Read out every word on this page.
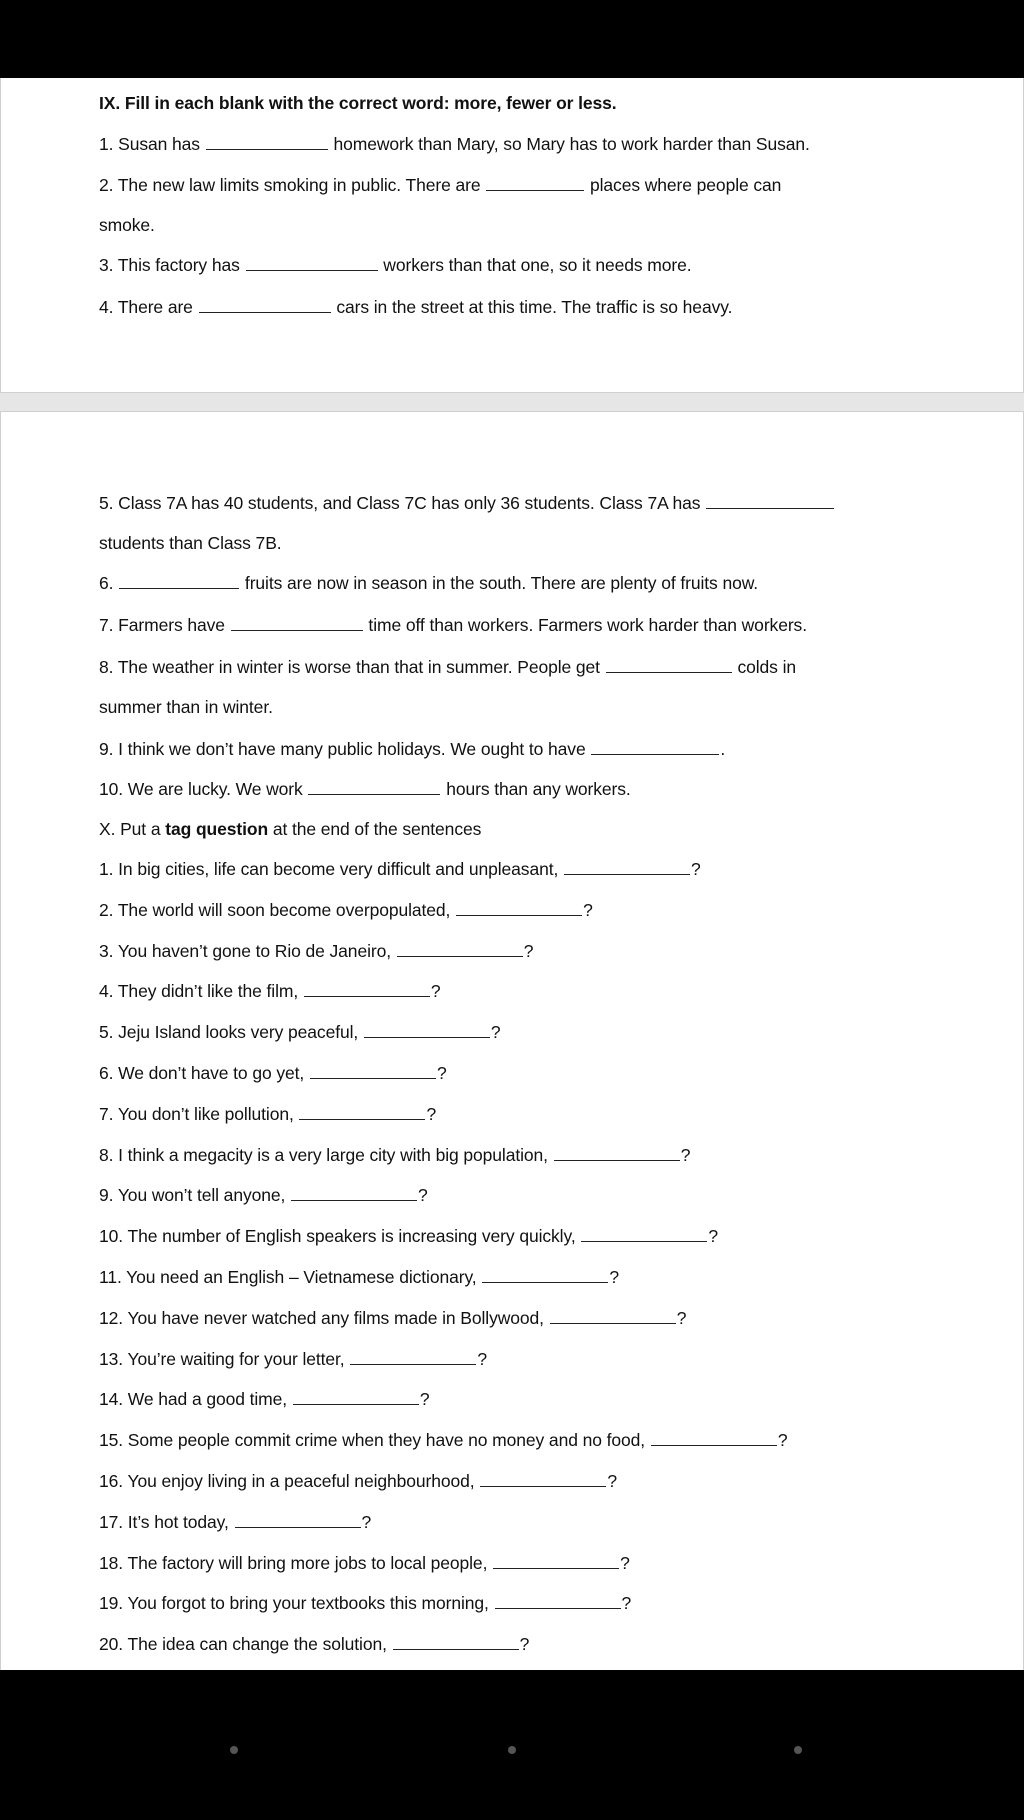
IX. Fill in each blank with the correct word: more, fewer or less.
1. Susan has	homework than Mary, so Mary has to work harder than Susan.
2. The new law limits smoking in public. There are	places where people can
smoke.
3. This factory has	workers than that one, so it needs more.
4. There are	cars in the street at this time. The traffic is so heavy.
5. Class 7A has 40 students, and Class 7C has only 36 students. Class 7A has
students than Class 7B.
6.	fruits are now in season in the south. There are plenty of fruits now.
7. Farmers have	time off than workers. Farmers work harder than workers.
8. The weather in winter is worse than that in summer. People get	colds in
summer than in winter.
9. I think we don’t have many public holidays. We ought to have	.
10. We are lucky. We work	hours than any workers.
X. Put a tag question at the end of the sentences
1. In big cities, life can become very difficult and unpleasant,	?
2. The world will soon become overpopulated,	?
3. You haven’t gone to Rio de Janeiro,	?
4. They didn’t like the film,	?
5. Jeju Island looks very peaceful,	?
6. We don’t have to go yet,	?
7. You don’t like pollution,	?
8. I think a megacity is a very large city with big population,	?
9. You won’t tell anyone,	?
10. The number of English speakers is increasing very quickly,	?
11. You need an English – Vietnamese dictionary,	?
12. You have never watched any films made in Bollywood,	?
13. You’re waiting for your letter,	?
14. We had a good time,	?
15. Some people commit crime when they have no money and no food,	?
16. You enjoy living in a peaceful neighbourhood,	?
17. It’s hot today,	?
18. The factory will bring more jobs to local people,	?
19. You forgot to bring your textbooks this morning,	?
20. The idea can change the solution,	?
